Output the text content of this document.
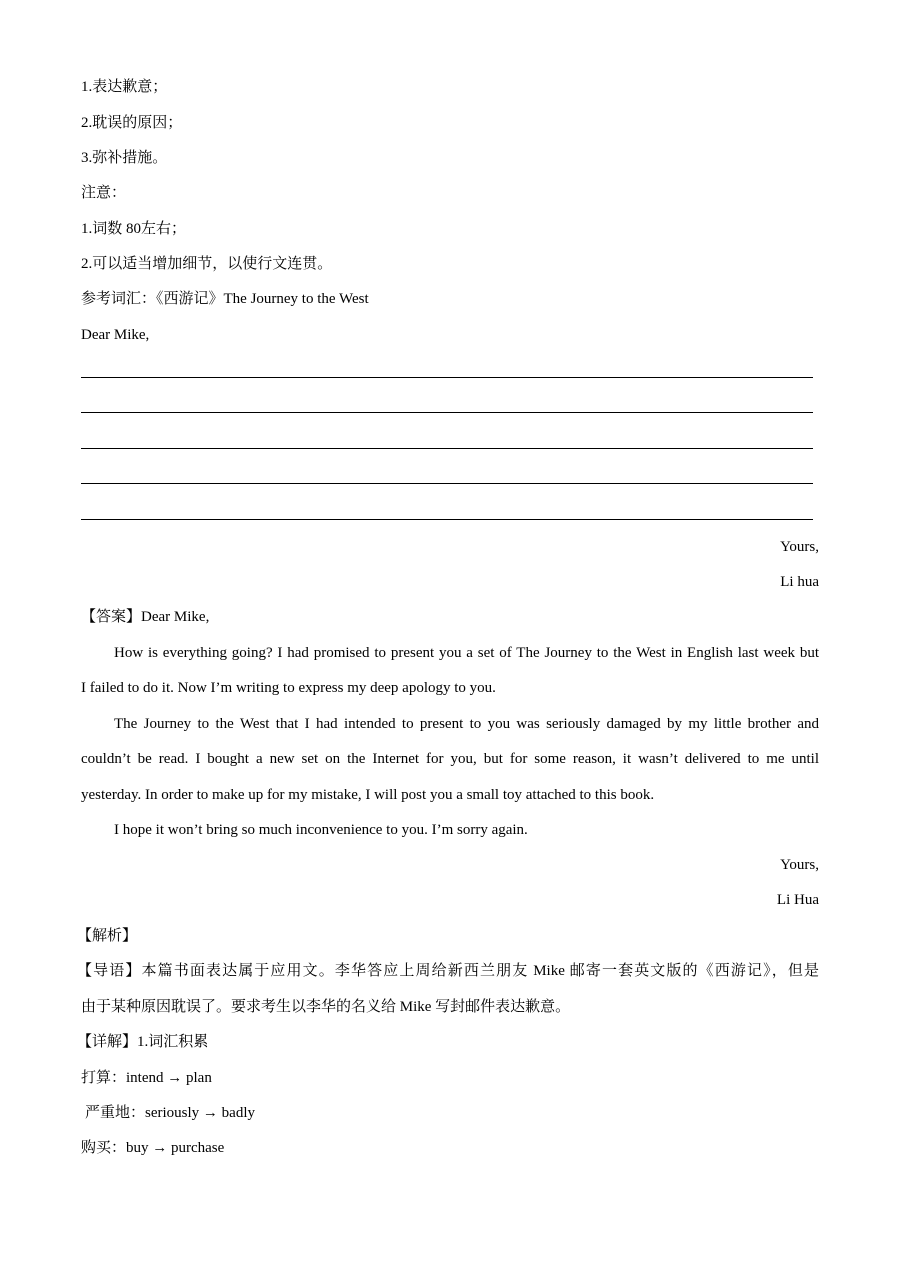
1.表达歉意；
2.耽误的原因；
3.弥补措施。
注意：
1.词数 80左右；
2.可以适当增加细节，以使行文连贯。
参考词汇：《西游记》The Journey to the West
Dear Mike,
Yours,
Li hua
【答案】Dear Mike,
How is everything going? I had promised to present you a set of The Journey to the West in English last week but
I failed to do it. Now I’m writing to express my deep apology to you.
The Journey to the West that I had intended to present to you was seriously damaged by my little brother and
couldn’t be read. I bought a new set on the Internet for you, but for some reason, it wasn’t delivered to me until
yesterday. In order to make up for my mistake, I will post you a small toy attached to this book.
I hope it won’t bring so much inconvenience to you. I’m sorry again.
Yours,
Li Hua
【解析】
【导语】本篇书面表达属于应用文。李华答应上周给新西兰朋友 Mike 邮寄一套英文版的《西游记》，但是
由于某种原因耽误了。要求考生以李华的名义给 Mike 写封邮件表达歉意。
【详解】1.词汇积累
打算：intend → plan
严重地：seriously → badly
购买：buy → purchase
